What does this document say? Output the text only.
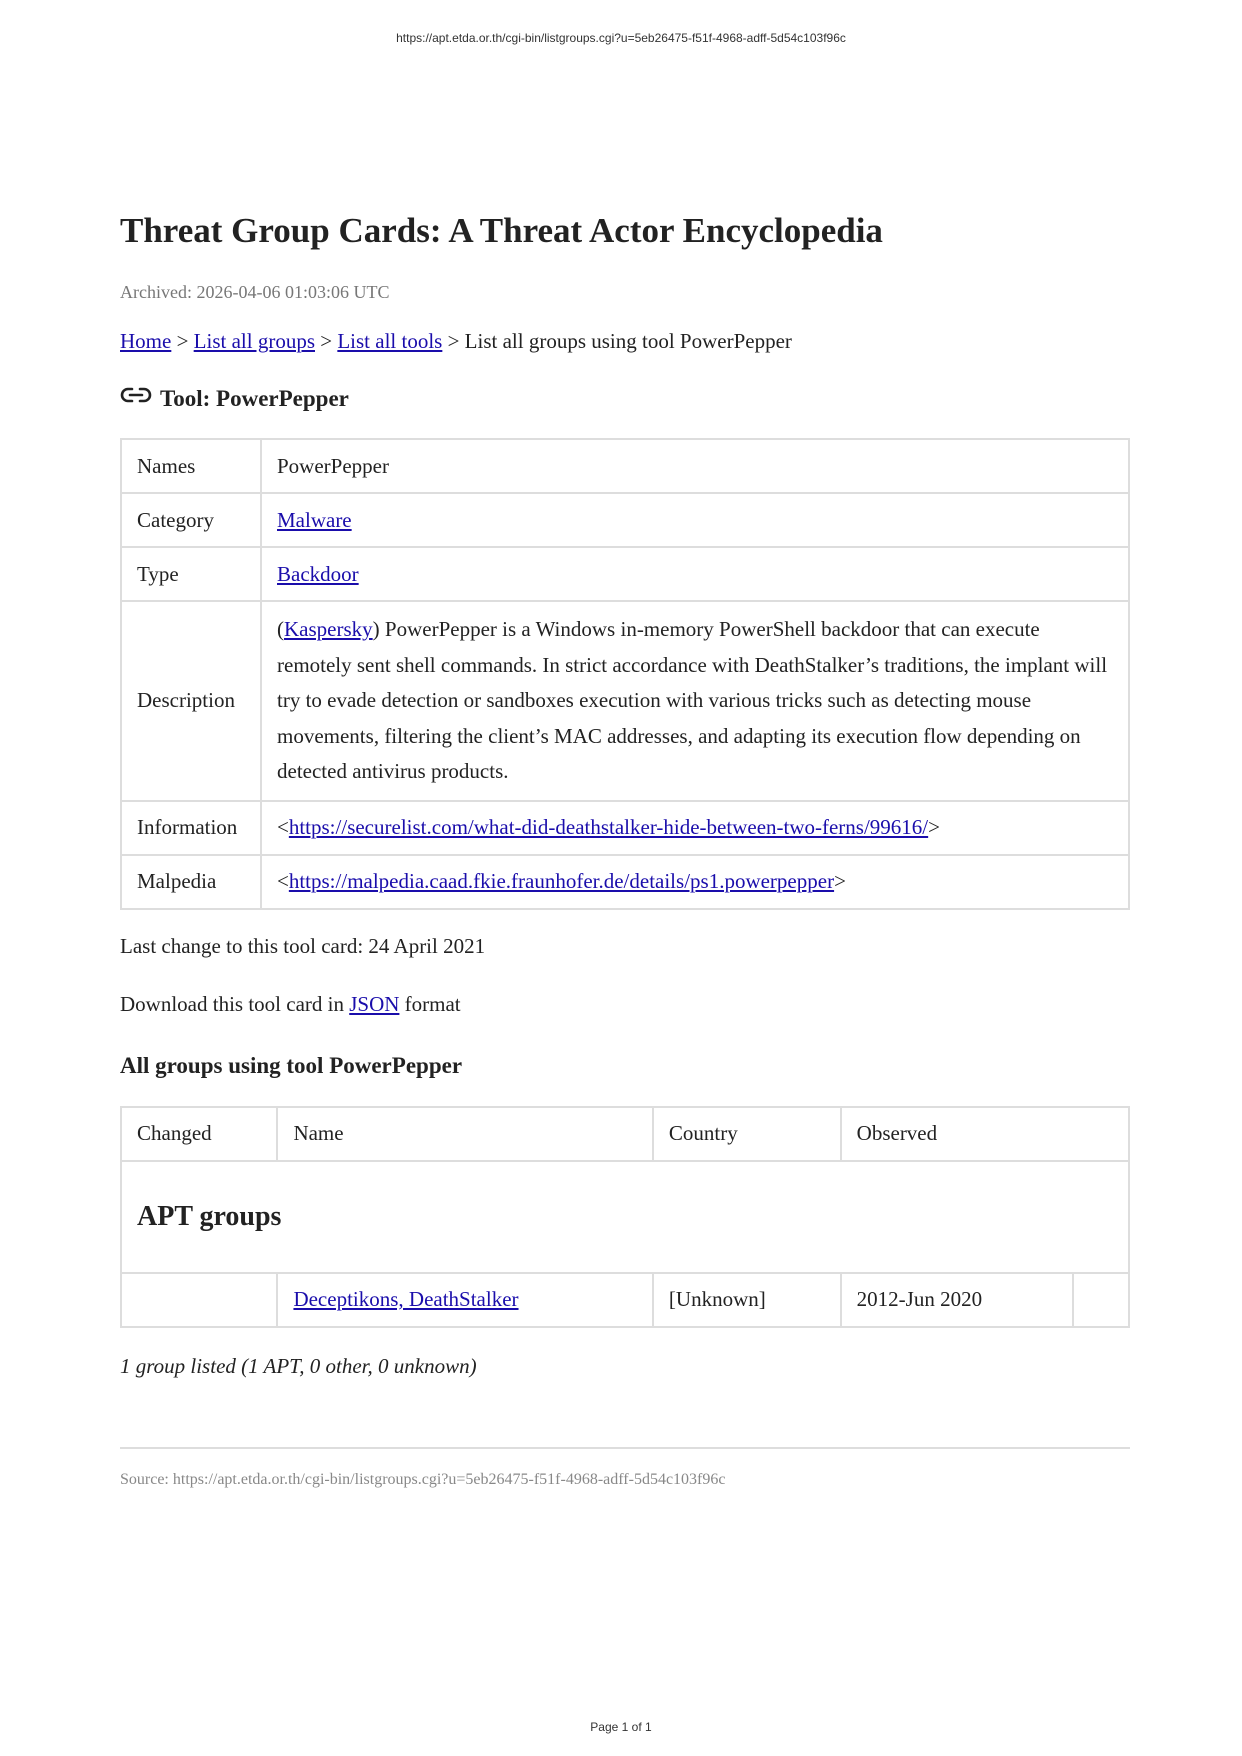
https://apt.etda.or.th/cgi-bin/listgroups.cgi?u=5eb26475-f51f-4968-adff-5d54c103f96c
Threat Group Cards: A Threat Actor Encyclopedia
Archived: 2026-04-06 01:03:06 UTC
Home > List all groups > List all tools > List all groups using tool PowerPepper
Tool: PowerPepper
Names	PowerPepper
Category	Malware
Type	Backdoor
Description	(Kaspersky) PowerPepper is a Windows in-memory PowerShell backdoor that can execute remotely sent shell commands. In strict accordance with DeathStalker’s traditions, the implant will try to evade detection or sandboxes execution with various tricks such as detecting mouse movements, filtering the client’s MAC addresses, and adapting its execution flow depending on detected antivirus products.
Information	<https://securelist.com/what-did-deathstalker-hide-between-two-ferns/99616/>
Malpedia	<https://malpedia.caad.fkie.fraunhofer.de/details/ps1.powerpepper>
Last change to this tool card: 24 April 2021
Download this tool card in JSON format
All groups using tool PowerPepper
Changed	Name	Country	Observed	
APT groups				
	Deceptikons, DeathStalker	[Unknown]	2012-Jun 2020	
1 group listed (1 APT, 0 other, 0 unknown)
Source: https://apt.etda.or.th/cgi-bin/listgroups.cgi?u=5eb26475-f51f-4968-adff-5d54c103f96c
Page 1 of 1
